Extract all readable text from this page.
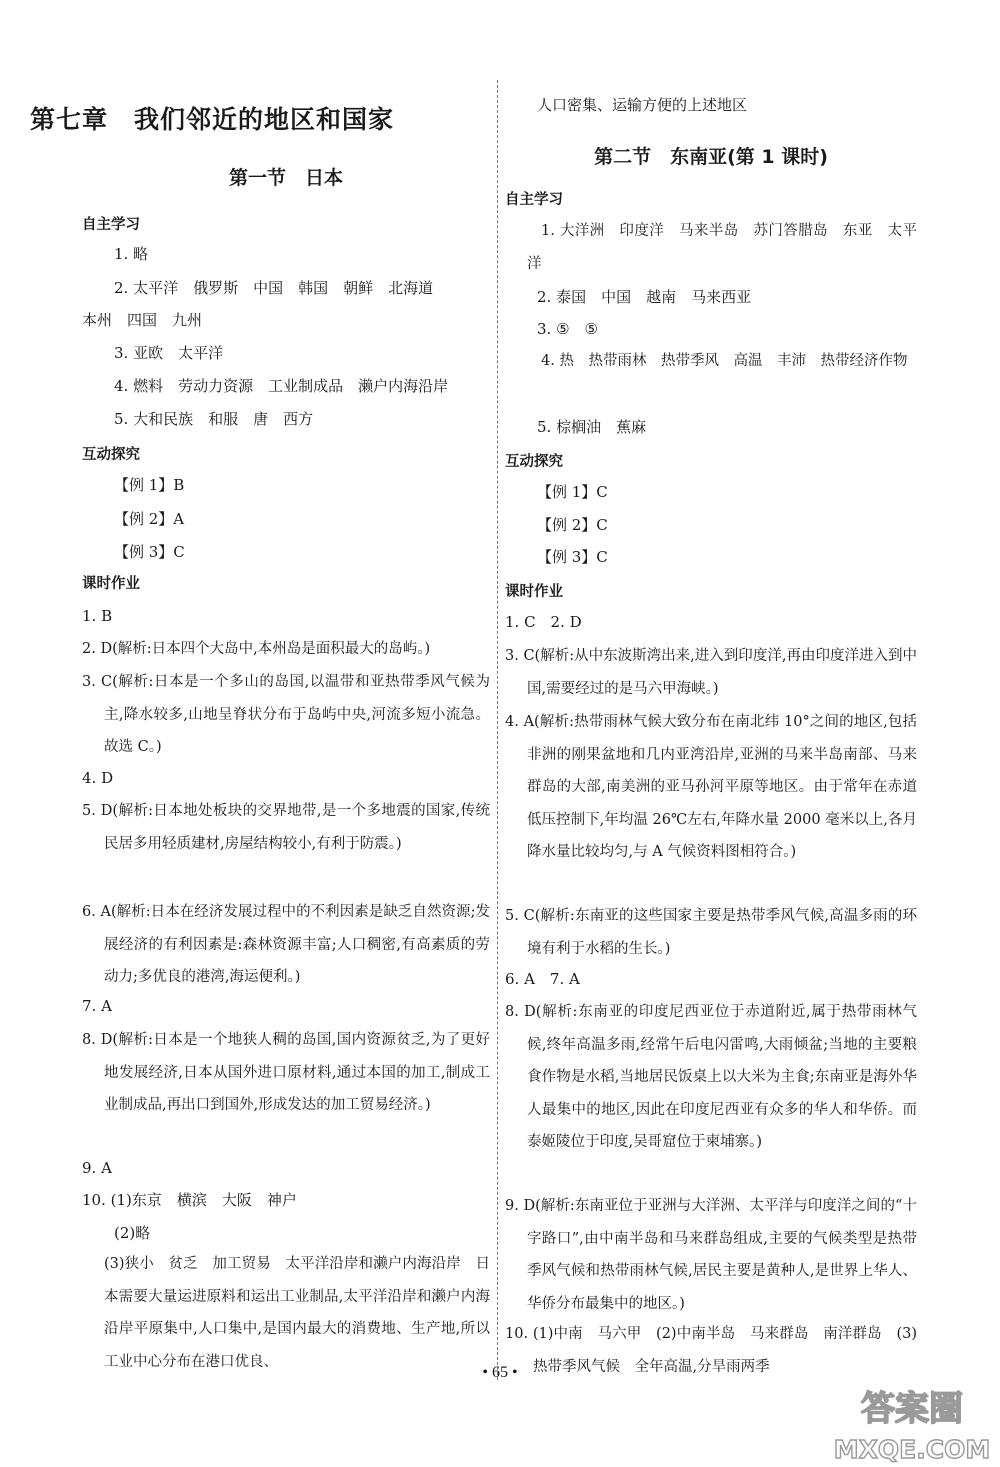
第七章　我们邻近的地区和国家
第一节　日本
自主学习
1. 略
2. 太平洋　俄罗斯　中国　韩国　朝鲜　北海道
本州　四国　九州
3. 亚欧　太平洋
4. 燃料　劳动力资源　工业制成品　濑户内海沿岸
5. 大和民族　和服　唐　西方
互动探究
【例 1】B
【例 2】A
【例 3】C
课时作业
1. B

2. D(解析:日本四个大岛中,本州岛是面积最大的岛屿。)

3. C(解析:日本是一个多山的岛国,以温带和亚热带季风气候为主,降水较多,山地呈脊状分布于岛屿中央,河流多短小流急。故选 C。)

4. D

5. D(解析:日本地处板块的交界地带,是一个多地震的国家,传统民居多用轻质建材,房屋结构较小,有利于防震。)

6. A(解析:日本在经济发展过程中的不利因素是缺乏自然资源;发展经济的有利因素是:森林资源丰富;人口稠密,有高素质的劳动力;多优良的港湾,海运便利。)

7. A

8. D(解析:日本是一个地狭人稠的岛国,国内资源贫乏,为了更好地发展经济,日本从国外进口原材料,通过本国的加工,制成工业制成品,再出口到国外,形成发达的加工贸易经济。)

9. A
10. (1)东京　横滨　大阪　神户
(2)略

(3)狭小　贫乏　加工贸易　太平洋沿岸和濑户内海沿岸　日本需要大量运进原料和运出工业制品,太平洋沿岸和濑户内海沿岸平原集中,人口集中,是国内最大的消费地、生产地,所以工业中心分布在港口优良、

人口密集、运输方便的上述地区
第二节　东南亚(第 1 课时)
自主学习

1. 大洋洲　印度洋　马来半岛　苏门答腊岛　东亚　太平洋

2. 泰国　中国　越南　马来西亚
3. ⑤　⑤

4. 热　热带雨林　热带季风　高温　丰沛　热带经济作物

5. 棕榈油　蕉麻
互动探究
【例 1】C
【例 2】C
【例 3】C
课时作业
1. C　2. D

3. C(解析:从中东波斯湾出来,进入到印度洋,再由印度洋进入到中国,需要经过的是马六甲海峡。)

4. A(解析:热带雨林气候大致分布在南北纬 10°之间的地区,包括非洲的刚果盆地和几内亚湾沿岸,亚洲的马来半岛南部、马来群岛的大部,南美洲的亚马孙河平原等地区。由于常年在赤道低压控制下,年均温 26℃左右,年降水量 2000 毫米以上,各月降水量比较均匀,与 A 气候资料图相符合。)

5. C(解析:东南亚的这些国家主要是热带季风气候,高温多雨的环境有利于水稻的生长。)

6. A　7. A

8. D(解析:东南亚的印度尼西亚位于赤道附近,属于热带雨林气候,终年高温多雨,经常午后电闪雷鸣,大雨倾盆;当地的主要粮食作物是水稻,当地居民饭桌上以大米为主食;东南亚是海外华人最集中的地区,因此在印度尼西亚有众多的华人和华侨。而泰姬陵位于印度,吴哥窟位于柬埔寨。)

9. D(解析:东南亚位于亚洲与大洋洲、太平洋与印度洋之间的“十字路口”,由中南半岛和马来群岛组成,主要的气候类型是热带季风气候和热带雨林气候,居民主要是黄种人,是世界上华人、华侨分布最集中的地区。)

10. (1)中南　马六甲　(2)中南半岛　马来群岛　南洋群岛　(3)热带季风气候　全年高温,分旱雨两季

• 65 •
答案圈
MXQE.COM
